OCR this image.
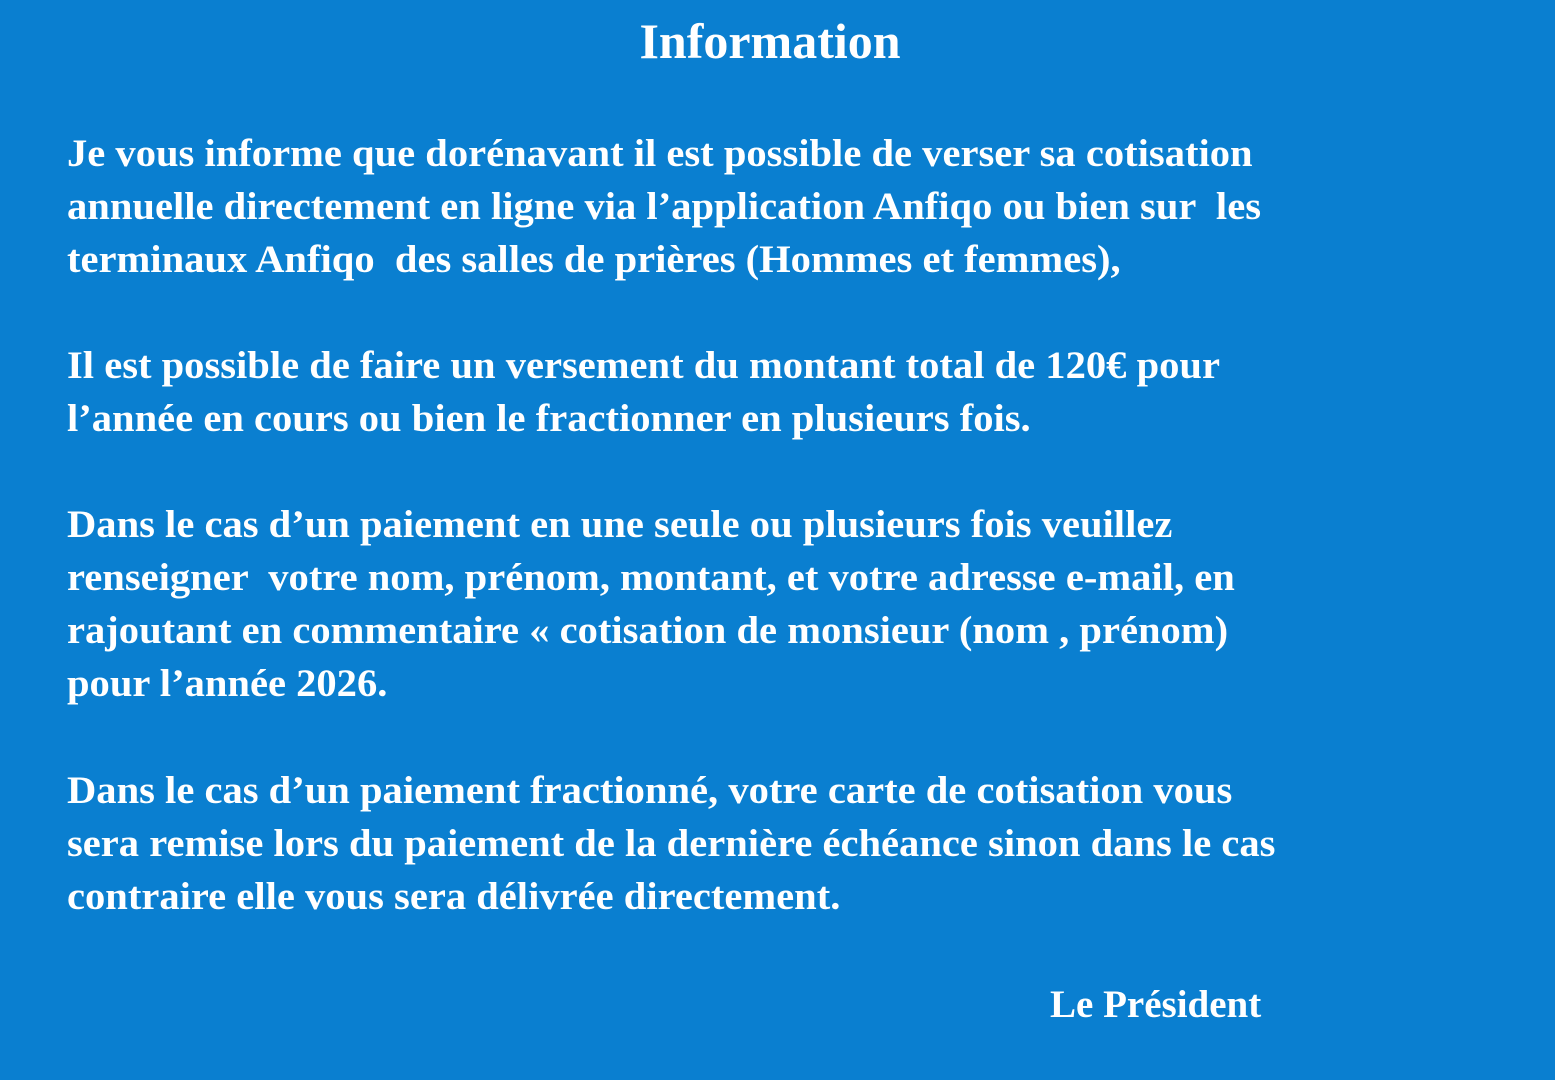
Information
Je vous informe que dorénavant il est possible de verser sa cotisation
annuelle directement en ligne via l’application Anfiqo ou bien sur  les
terminaux Anfiqo  des salles de prières (Hommes et femmes),
Il est possible de faire un versement du montant total de 120€ pour
l’année en cours ou bien le fractionner en plusieurs fois.
Dans le cas d’un paiement en une seule ou plusieurs fois veuillez
renseigner  votre nom, prénom, montant, et votre adresse e-mail, en
rajoutant en commentaire « cotisation de monsieur (nom , prénom)
pour l’année 2026.
Dans le cas d’un paiement fractionné, votre carte de cotisation vous
sera remise lors du paiement de la dernière échéance sinon dans le cas
contraire elle vous sera délivrée directement.
Le Président
